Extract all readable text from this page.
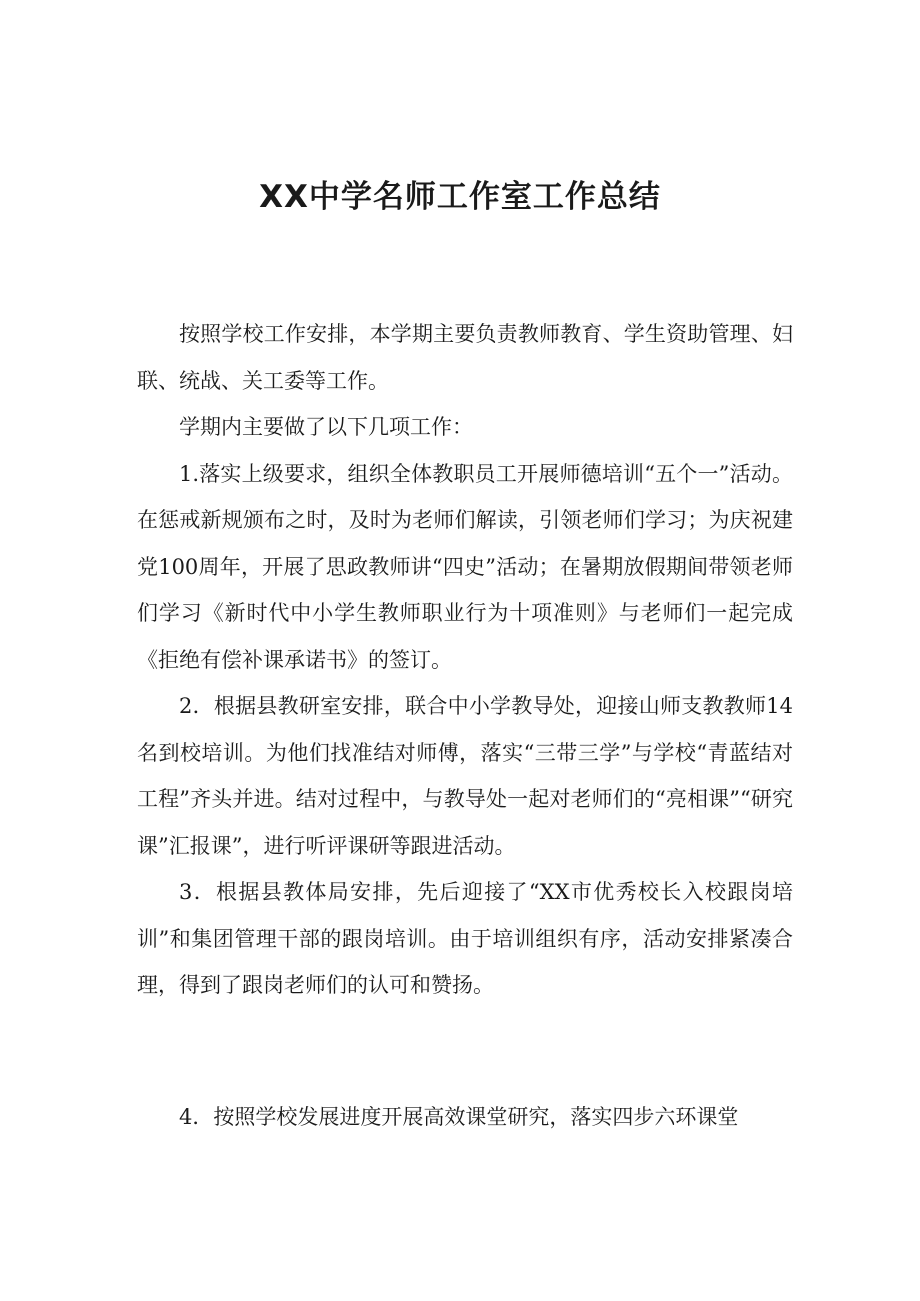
XX中学名师工作室工作总结

按照学校工作安排，本学期主要负责教师教育、学生资助管理、妇联、统战、关工委等工作。

学期内主要做了以下几项工作：

1.落实上级要求，组织全体教职员工开展师德培训“五个一”活动。在惩戒新规颁布之时，及时为老师们解读，引领老师们学习；为庆祝建党100周年，开展了思政教师讲“四史”活动；在暑期放假期间带领老师们学习《新时代中小学生教师职业行为十项准则》与老师们一起完成《拒绝有偿补课承诺书》的签订。

2．根据县教研室安排，联合中小学教导处，迎接山师支教教师14名到校培训。为他们找准结对师傅，落实“三带三学”与学校“青蓝结对工程”齐头并进。结对过程中，与教导处一起对老师们的“亮相课”“研究课”汇报课”，进行听评课研等跟进活动。

3．根据县教体局安排，先后迎接了“XX市优秀校长入校跟岗培训”和集团管理干部的跟岗培训。由于培训组织有序，活动安排紧凑合理，得到了跟岗老师们的认可和赞扬。

4．按照学校发展进度开展高效课堂研究，落实四步六环课堂
